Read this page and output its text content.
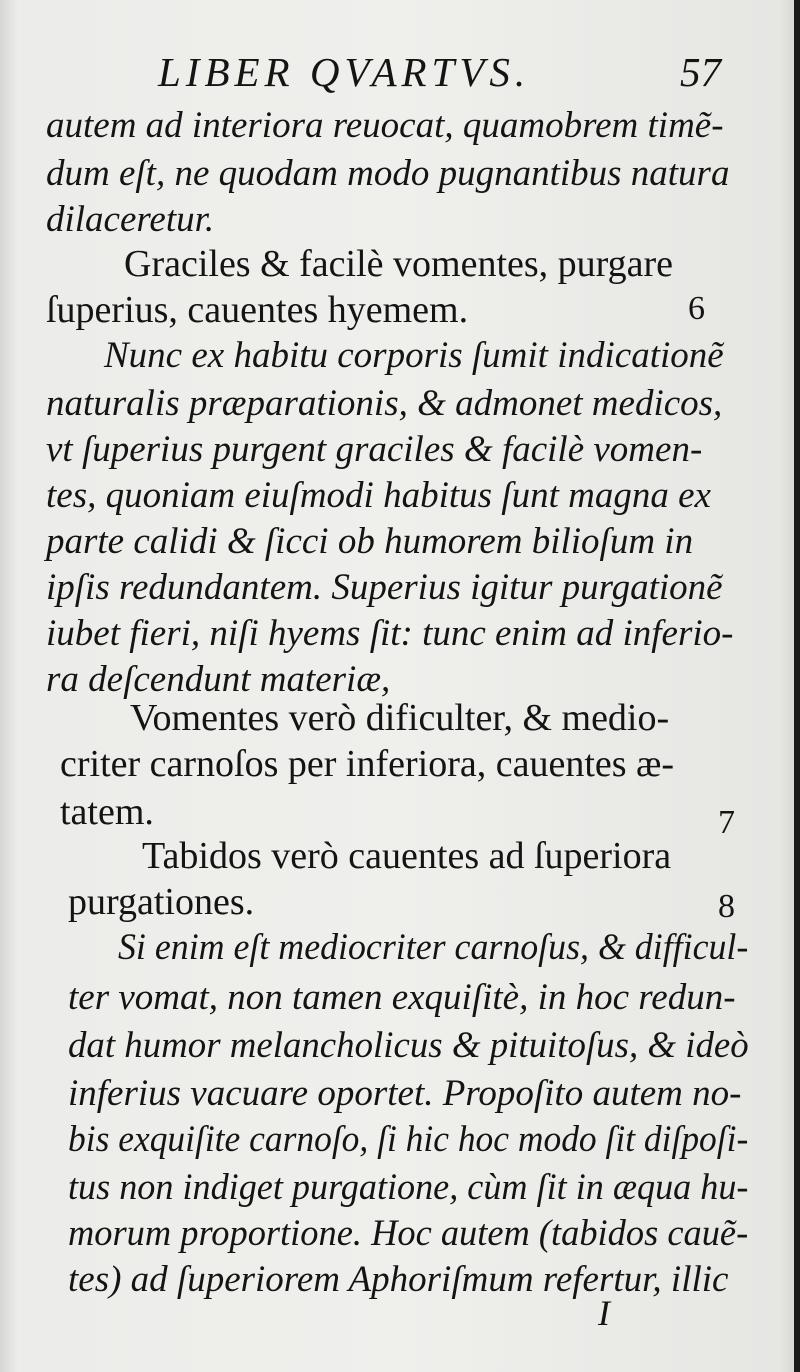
LIBER QVARTVS.	57
autem ad interiora reuocat, quamobrem timẽ-
dum eſt, ne quodam modo pugnantibus natura
dilaceretur.
Graciles & facilè vomentes, purgare
ſuperius, cauentes hyemem.	6
Nunc ex habitu corporis ſumit indicationẽ
naturalis præparationis, & admonet medicos,
vt ſuperius purgent graciles & facilè vomen-
tes, quoniam eiuſmodi habitus ſunt magna ex
parte calidi & ſicci ob humorem bilioſum in
ipſis redundantem. Superius igitur purgationẽ
iubet fieri, niſi hyems ſit: tunc enim ad inferio-
ra deſcendunt materiæ,
Vomentes verò dificulter, & medio-
criter carnoſos per inferiora, cauentes æ-
tatem.	7
Tabidos verò cauentes ad ſuperiora
purgationes.	8
Si enim eſt mediocriter carnoſus, & difficul-
ter vomat, non tamen exquiſitè, in hoc redun-
dat humor melancholicus & pituitoſus, & ideò
inferius vacuare oportet. Propoſito autem no-
bis exquiſite carnoſo, ſi hic hoc modo ſit diſpoſi-
tus non indiget purgatione, cùm ſit in æqua hu-
morum proportione. Hoc autem (tabidos cauẽ-
tes) ad ſuperiorem Aphoriſmum refertur, illic
I
